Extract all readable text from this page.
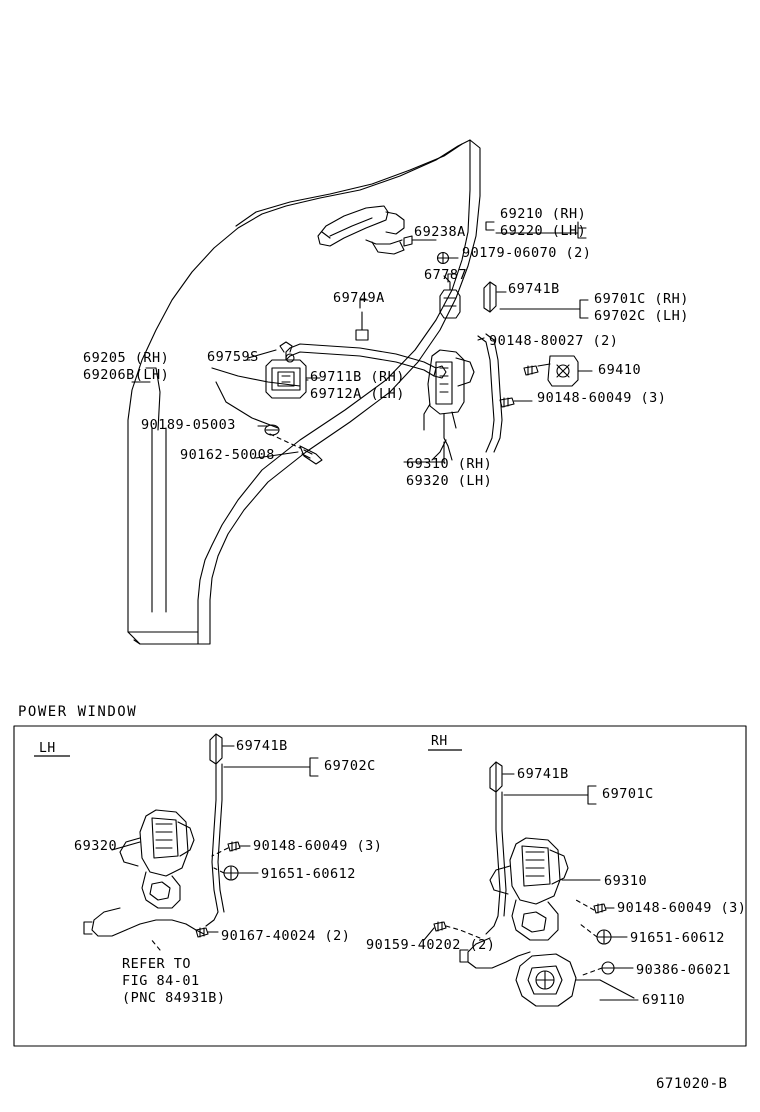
69210 (RH)
69220 (LH)
69238A
90179-06070 (2)
67787
69741B
69701C (RH)
69702C (LH)
69749A
90148-80027 (2)
69205 (RH)
69206B(LH)
69759S
69410
69711B (RH)
69712A (LH)	90148-60049 (3)
90189-05003
90162-50008
69310 (RH)
69320 (LH)
POWER WINDOW
LH	RH
69741B
69702C	69741B
69701C
69320	90148-60049 (3)
91651-60612	69310
90148-60049 (3)
90167-40024 (2)
90159-40202 (2)	91651-60612
90386-06021
69110
REFER TO
FIG 84-01
(PNC 84931B)
671020-B
